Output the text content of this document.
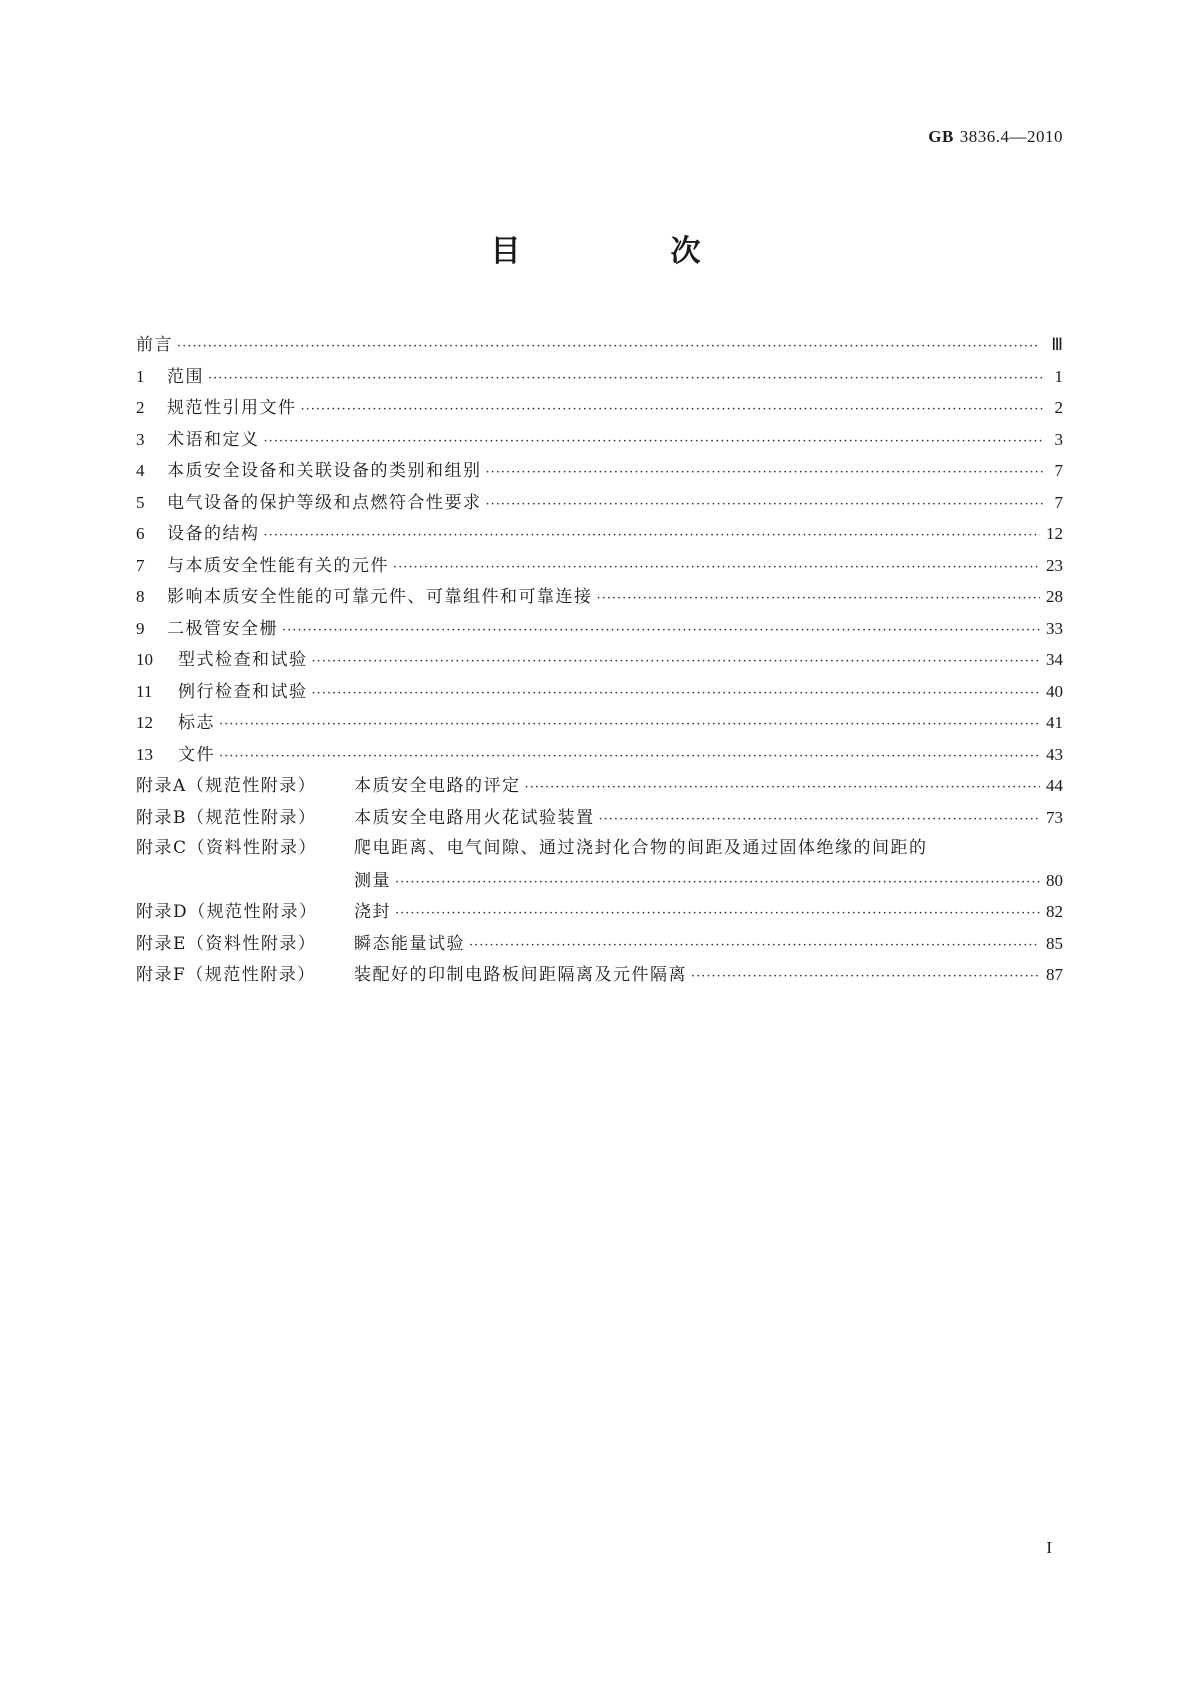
GB 3836.4—2010
目　次
前言 ·····	Ⅲ
1	范围 ·····	1
2	规范性引用文件 ·····	2
3	术语和定义 ·····	3
4	本质安全设备和关联设备的类别和组别 ·····	7
5	电气设备的保护等级和点燃符合性要求 ·····	7
6	设备的结构 ·····	12
7	与本质安全性能有关的元件 ·····	23
8	影响本质安全性能的可靠元件、可靠组件和可靠连接 ·····	28
9	二极管安全栅 ·····	33
10	型式检查和试验 ·····	34
11	例行检查和试验 ·····	40
12	标志 ·····	41
13	文件 ·····	43
附录A（规范性附录）	本质安全电路的评定 ·····	44
附录B（规范性附录）	本质安全电路用火花试验装置 ·····	73
附录C（资料性附录）	爬电距离、电气间隙、通过浇封化合物的间距及通过固体绝缘的间距的
测量 ·····	80
附录D（规范性附录）	浇封 ·····	82
附录E（资料性附录）	瞬态能量试验 ·····	85
附录F（规范性附录）	装配好的印制电路板间距隔离及元件隔离 ·····	87
I
